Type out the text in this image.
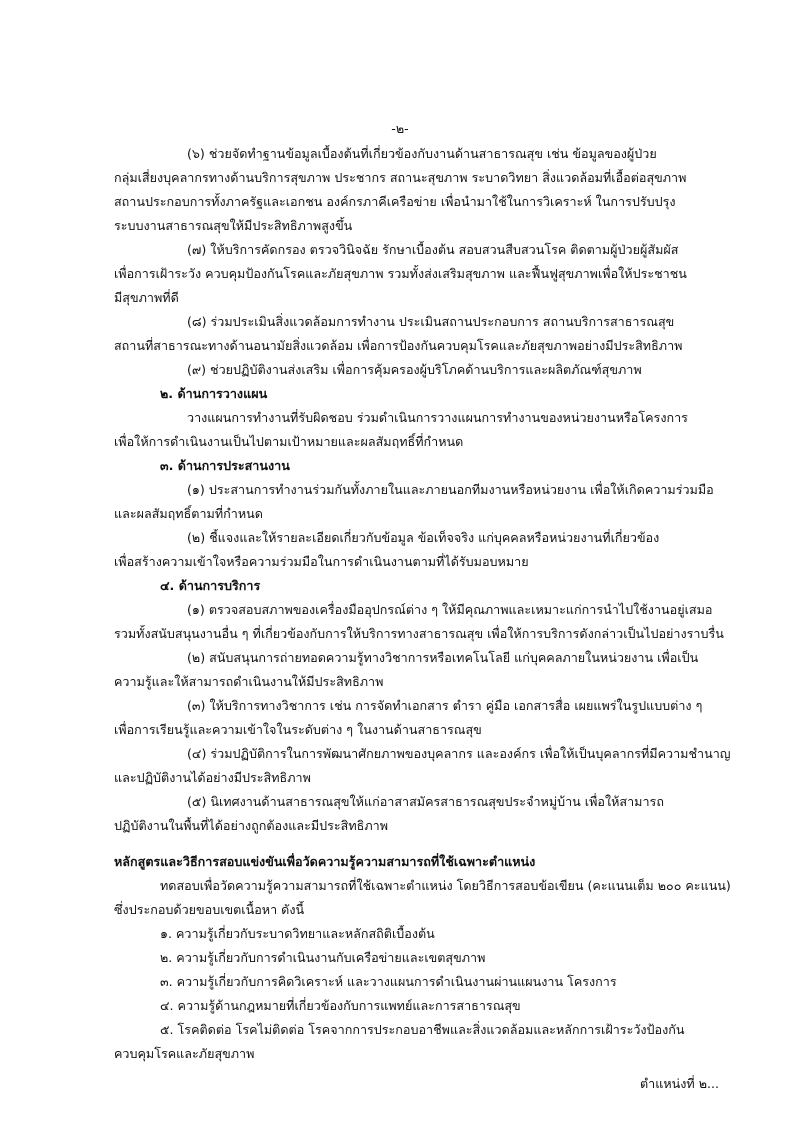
-๒-
(๖) ช่วยจัดทำฐานข้อมูลเบื้องต้นที่เกี่ยวข้องกับงานด้านสาธารณสุข เช่น ข้อมูลของผู้ป่วย
กลุ่มเสี่ยงบุคลากรทางด้านบริการสุขภาพ ประชากร สถานะสุขภาพ ระบาดวิทยา สิ่งแวดล้อมที่เอื้อต่อสุขภาพ
สถานประกอบการทั้งภาครัฐและเอกชน องค์กรภาคีเครือข่าย เพื่อนำมาใช้ในการวิเคราะห์ ในการปรับปรุง
ระบบงานสาธารณสุขให้มีประสิทธิภาพสูงขึ้น
(๗) ให้บริการคัดกรอง ตรวจวินิจฉัย รักษาเบื้องต้น สอบสวนสืบสวนโรค ติดตามผู้ป่วยผู้สัมผัส
เพื่อการเฝ้าระวัง ควบคุมป้องกันโรคและภัยสุขภาพ รวมทั้งส่งเสริมสุขภาพ และฟื้นฟูสุขภาพเพื่อให้ประชาชน
มีสุขภาพที่ดี
(๘) ร่วมประเมินสิ่งแวดล้อมการทำงาน ประเมินสถานประกอบการ สถานบริการสาธารณสุข
สถานที่สาธารณะทางด้านอนามัยสิ่งแวดล้อม เพื่อการป้องกันควบคุมโรคและภัยสุขภาพอย่างมีประสิทธิภาพ
(๙) ช่วยปฏิบัติงานส่งเสริม เพื่อการคุ้มครองผู้บริโภคด้านบริการและผลิตภัณฑ์สุขภาพ
๒. ด้านการวางแผน
วางแผนการทำงานที่รับผิดชอบ ร่วมดำเนินการวางแผนการทำงานของหน่วยงานหรือโครงการ
เพื่อให้การดำเนินงานเป็นไปตามเป้าหมายและผลสัมฤทธิ์ที่กำหนด
๓. ด้านการประสานงาน
(๑) ประสานการทำงานร่วมกันทั้งภายในและภายนอกทีมงานหรือหน่วยงาน เพื่อให้เกิดความร่วมมือ
และผลสัมฤทธิ์ตามที่กำหนด
(๒) ชี้แจงและให้รายละเอียดเกี่ยวกับข้อมูล ข้อเท็จจริง แก่บุคคลหรือหน่วยงานที่เกี่ยวข้อง
เพื่อสร้างความเข้าใจหรือความร่วมมือในการดำเนินงานตามที่ได้รับมอบหมาย
๔. ด้านการบริการ
(๑) ตรวจสอบสภาพของเครื่องมืออุปกรณ์ต่าง ๆ ให้มีคุณภาพและเหมาะแก่การนำไปใช้งานอยู่เสมอ
รวมทั้งสนับสนุนงานอื่น ๆ ที่เกี่ยวข้องกับการให้บริการทางสาธารณสุข เพื่อให้การบริการดังกล่าวเป็นไปอย่างราบรื่น
(๒) สนับสนุนการถ่ายทอดความรู้ทางวิชาการหรือเทคโนโลยี แก่บุคคลภายในหน่วยงาน เพื่อเป็น
ความรู้และให้สามารถดำเนินงานให้มีประสิทธิภาพ
(๓) ให้บริการทางวิชาการ เช่น การจัดทำเอกสาร ตำรา คู่มือ เอกสารสื่อ เผยแพร่ในรูปแบบต่าง ๆ
เพื่อการเรียนรู้และความเข้าใจในระดับต่าง ๆ ในงานด้านสาธารณสุข
(๔) ร่วมปฏิบัติการในการพัฒนาศักยภาพของบุคลากร และองค์กร เพื่อให้เป็นบุคลากรที่มีความชำนาญ
และปฏิบัติงานได้อย่างมีประสิทธิภาพ
(๕) นิเทศงานด้านสาธารณสุขให้แก่อาสาสมัครสาธารณสุขประจำหมู่บ้าน เพื่อให้สามารถ
ปฏิบัติงานในพื้นที่ได้อย่างถูกต้องและมีประสิทธิภาพ
หลักสูตรและวิธีการสอบแข่งขันเพื่อวัดความรู้ความสามารถที่ใช้เฉพาะตำแหน่ง
ทดสอบเพื่อวัดความรู้ความสามารถที่ใช้เฉพาะตำแหน่ง โดยวิธีการสอบข้อเขียน (คะแนนเต็ม ๒๐๐ คะแนน)
ซึ่งประกอบด้วยขอบเขตเนื้อหา ดังนี้
๑. ความรู้เกี่ยวกับระบาดวิทยาและหลักสถิติเบื้องต้น
๒. ความรู้เกี่ยวกับการดำเนินงานกับเครือข่ายและเขตสุขภาพ
๓. ความรู้เกี่ยวกับการคิดวิเคราะห์ และวางแผนการดำเนินงานผ่านแผนงาน โครงการ
๔. ความรู้ด้านกฎหมายที่เกี่ยวข้องกับการแพทย์และการสาธารณสุข
๕. โรคติดต่อ โรคไม่ติดต่อ โรคจากการประกอบอาชีพและสิ่งแวดล้อมและหลักการเฝ้าระวังป้องกัน
ควบคุมโรคและภัยสุขภาพ
ตำแหน่งที่ ๒...
